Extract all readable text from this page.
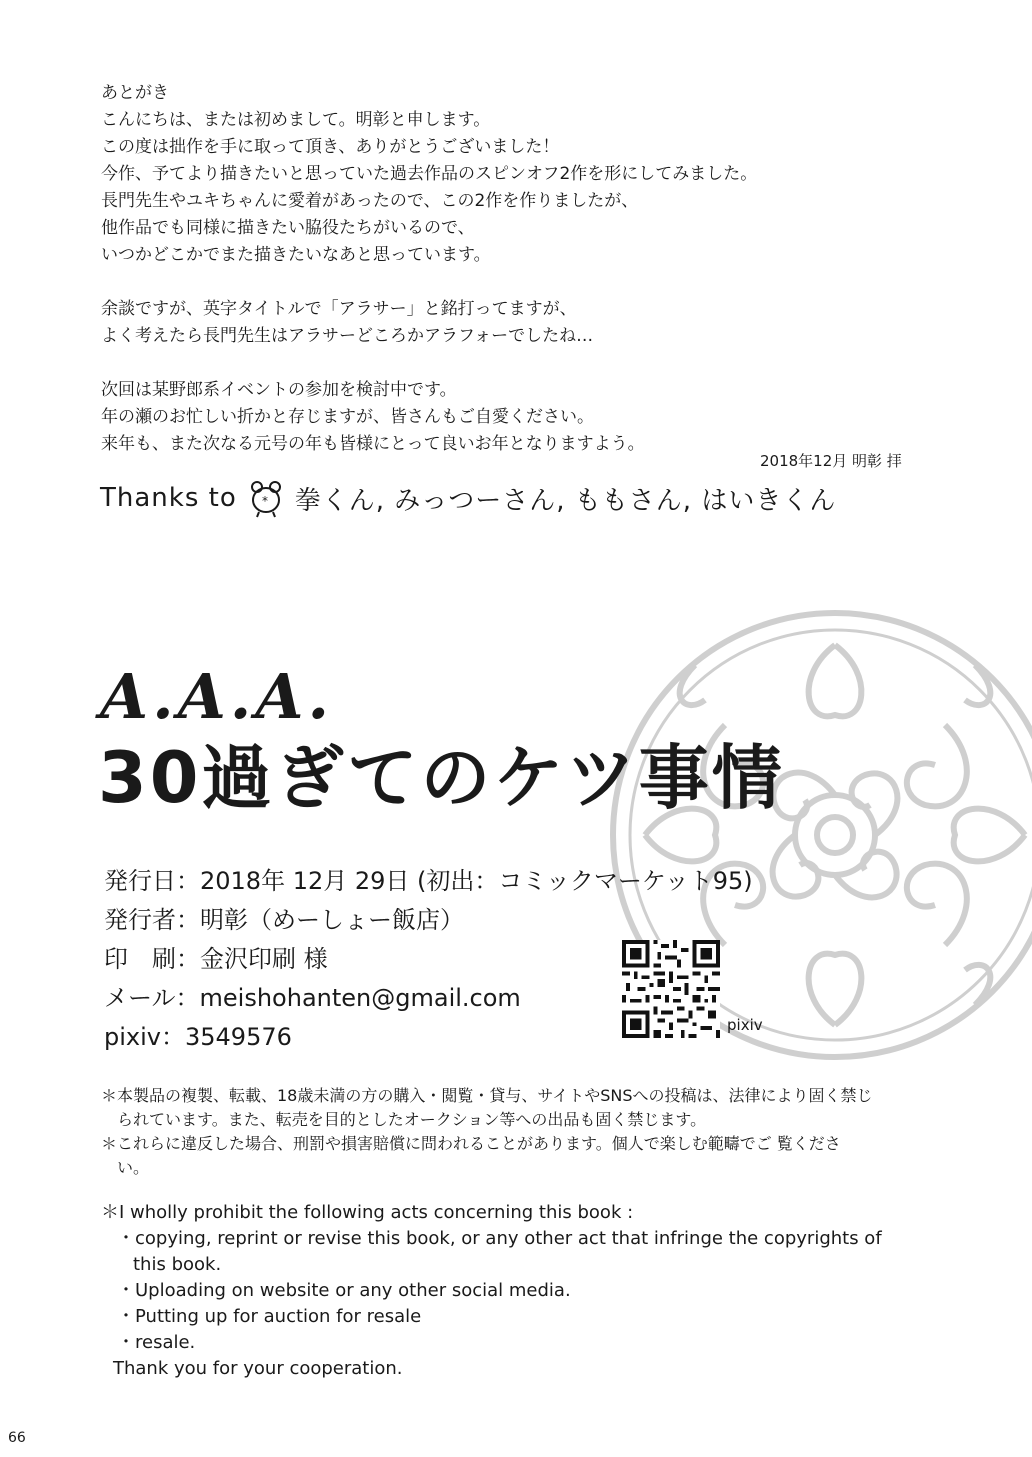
あとがき
こんにちは、または初めまして。明彰と申します。
この度は拙作を手に取って頂き、ありがとうございました！
今作、予てより描きたいと思っていた過去作品のスピンオフ2作を形にしてみました。
長門先生やユキちゃんに愛着があったので、この2作を作りましたが、
他作品でも同様に描きたい脇役たちがいるので、
いつかどこかでまた描きたいなあと思っています。

余談ですが、英字タイトルで「アラサー」と銘打ってますが、
よく考えたら長門先生はアラサーどころかアラフォーでしたね…

次回は某野郎系イベントの参加を検討中です。
年の瀬のお忙しい折かと存じますが、皆さんもご自愛ください。
来年も、また次なる元号の年も皆様にとって良いお年となりますよう。

2018年12月 明彰 拝
Thanks to * 拳くん, みっつーさん, ももさん, はいきくん
A.A.A.
30過ぎてのケツ事情
発行日：2018年 12月 29日 (初出：コミックマーケット95)
発行者：明彰（めーしょー飯店）
印　刷：金沢印刷 様
メール：meishohanten@gmail.com
pixiv：3549576	pixiv
＊本製品の複製、転載、18歳未満の方の購入・閲覧・貸与、サイトやSNSへの投稿は、法律により固く禁じ
られています。また、転売を目的としたオークション等への出品も固く禁じます。
＊これらに違反した場合、刑罰や損害賠償に問われることがあります。個人で楽しむ範疇でご 覧くださ
い。
＊I wholly prohibit the following acts concerning this book :
・copying, reprint or revise this book, or any other act that infringe the copyrights of
this book.
・Uploading on website or any other social media.
・Putting up for auction for resale
・resale.
Thank you for your cooperation.
66
